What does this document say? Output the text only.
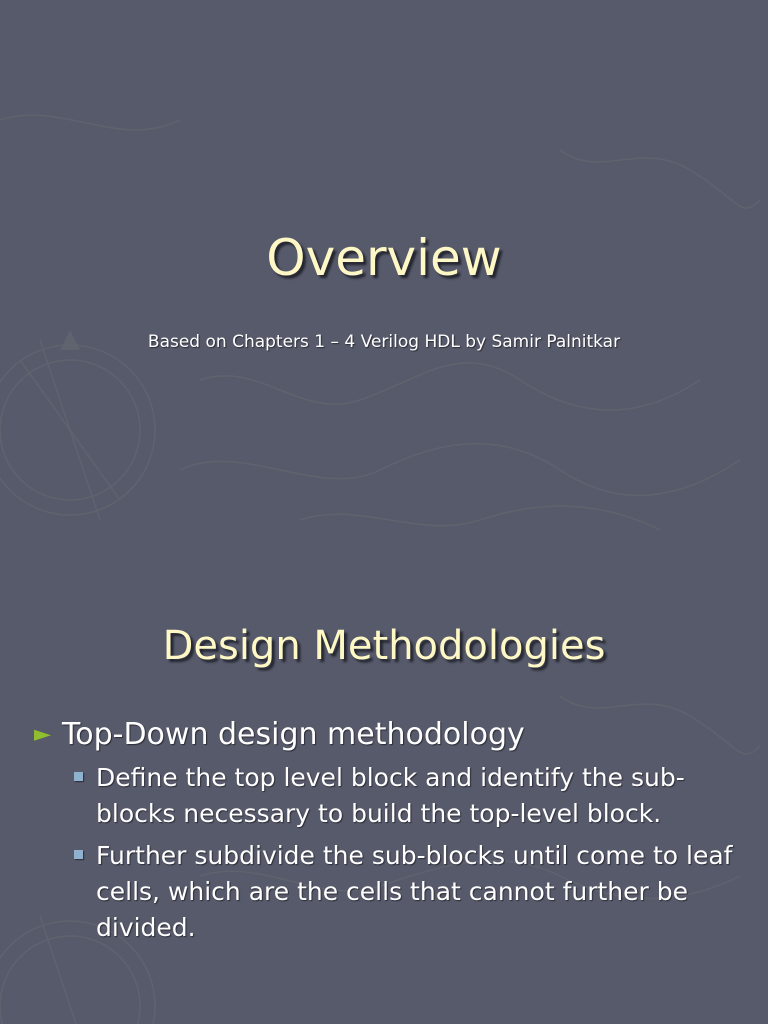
Overview
Based on Chapters 1 – 4 Verilog HDL by Samir Palnitkar
Design Methodologies
► Top-Down design methodology
Define the top level block and identify the sub-blocks necessary to build the top-level block.
Further subdivide the sub-blocks until come to leaf cells, which are the cells that cannot further be divided.
